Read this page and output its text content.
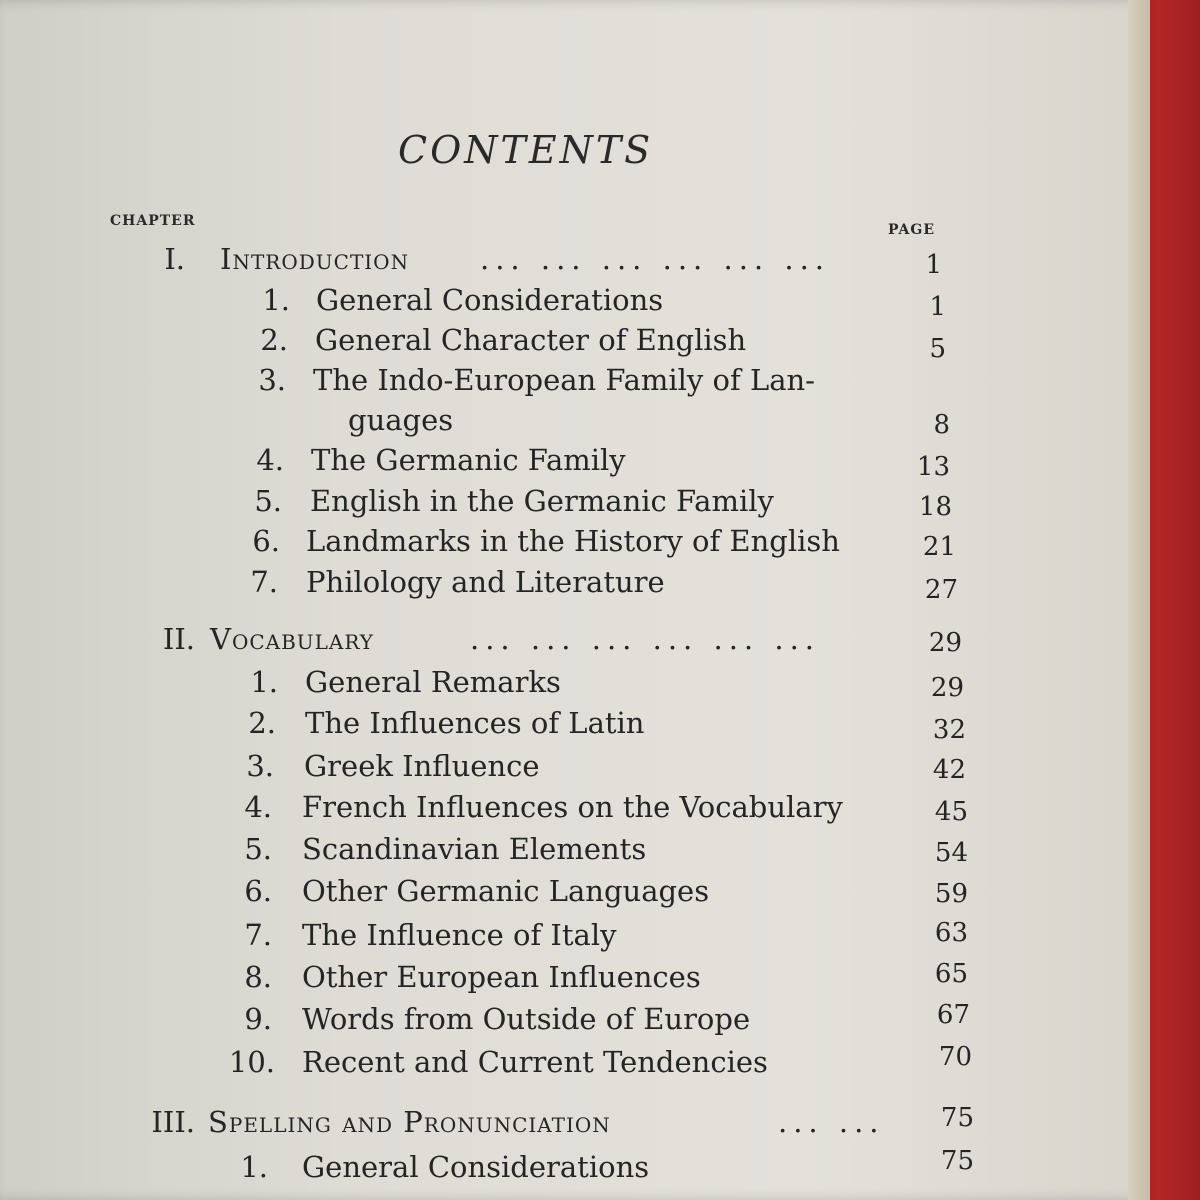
CONTENTS
CHAPTER
PAGE
I. Introduction ... ... ... ... ... ...	1
1. General Considerations	1
2. General Character of English	5
3. The Indo-European Family of Lan-
guages	8
4. The Germanic Family	13
5. English in the Germanic Family	18
6. Landmarks in the History of English	21
7. Philology and Literature	27
II. Vocabulary	... ... ... ... ... ...	29
1. General Remarks	29
2. The Influences of Latin	32
3. Greek Influence	42
4. French Influences on the Vocabulary	45
5. Scandinavian Elements	54
6. Other Germanic Languages	59
7. The Influence of Italy	63
8. Other European Influences	65
9. Words from Outside of Europe	67
10. Recent and Current Tendencies	70
III. Spelling and Pronunciation	... ...	75
1. General Considerations	75
